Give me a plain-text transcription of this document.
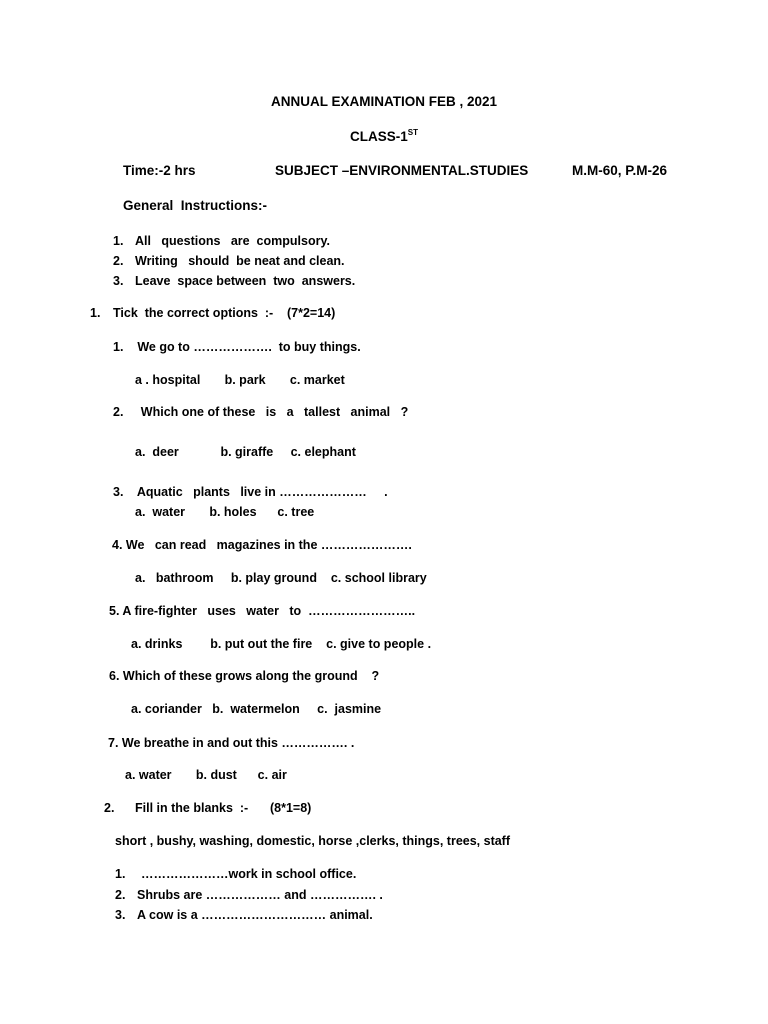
ANNUAL EXAMINATION FEB , 2021
CLASS-1ST
Time:-2 hrs	SUBJECT –ENVIRONMENTAL.STUDIES	M.M-60, P.M-26
General  Instructions:-
1. All   questions   are  compulsory.
2. Writing   should  be neat and clean.
3. Leave  space between  two  answers.
1. Tick  the correct options  :- (7*2=14)
1.    We go to ……………….  to buy things.
a . hospital       b. park       c. market
2.     Which one of these   is   a   tallest   animal   ?
a.  deer            b. giraffe     c. elephant
3.    Aquatic   plants   live in …………………     .
a.  water       b. holes      c. tree
4. We   can read   magazines in the ………………….
a.   bathroom     b. play ground    c. school library
5. A fire-fighter   uses   water   to  ……………………..
a. drinks        b. put out the fire    c. give to people .
6. Which of these grows along the ground    ?
a. coriander   b.  watermelon     c.  jasmine
7. We breathe in and out this ……………. .
a. water       b. dust      c. air
2. Fill in the blanks  :- (8*1=8)
short , bushy, washing, domestic, horse ,clerks, things, trees, staff
1. …………………work in school office.
2. Shrubs are ……………… and ……………. .
3. A cow is a ………………………… animal.
